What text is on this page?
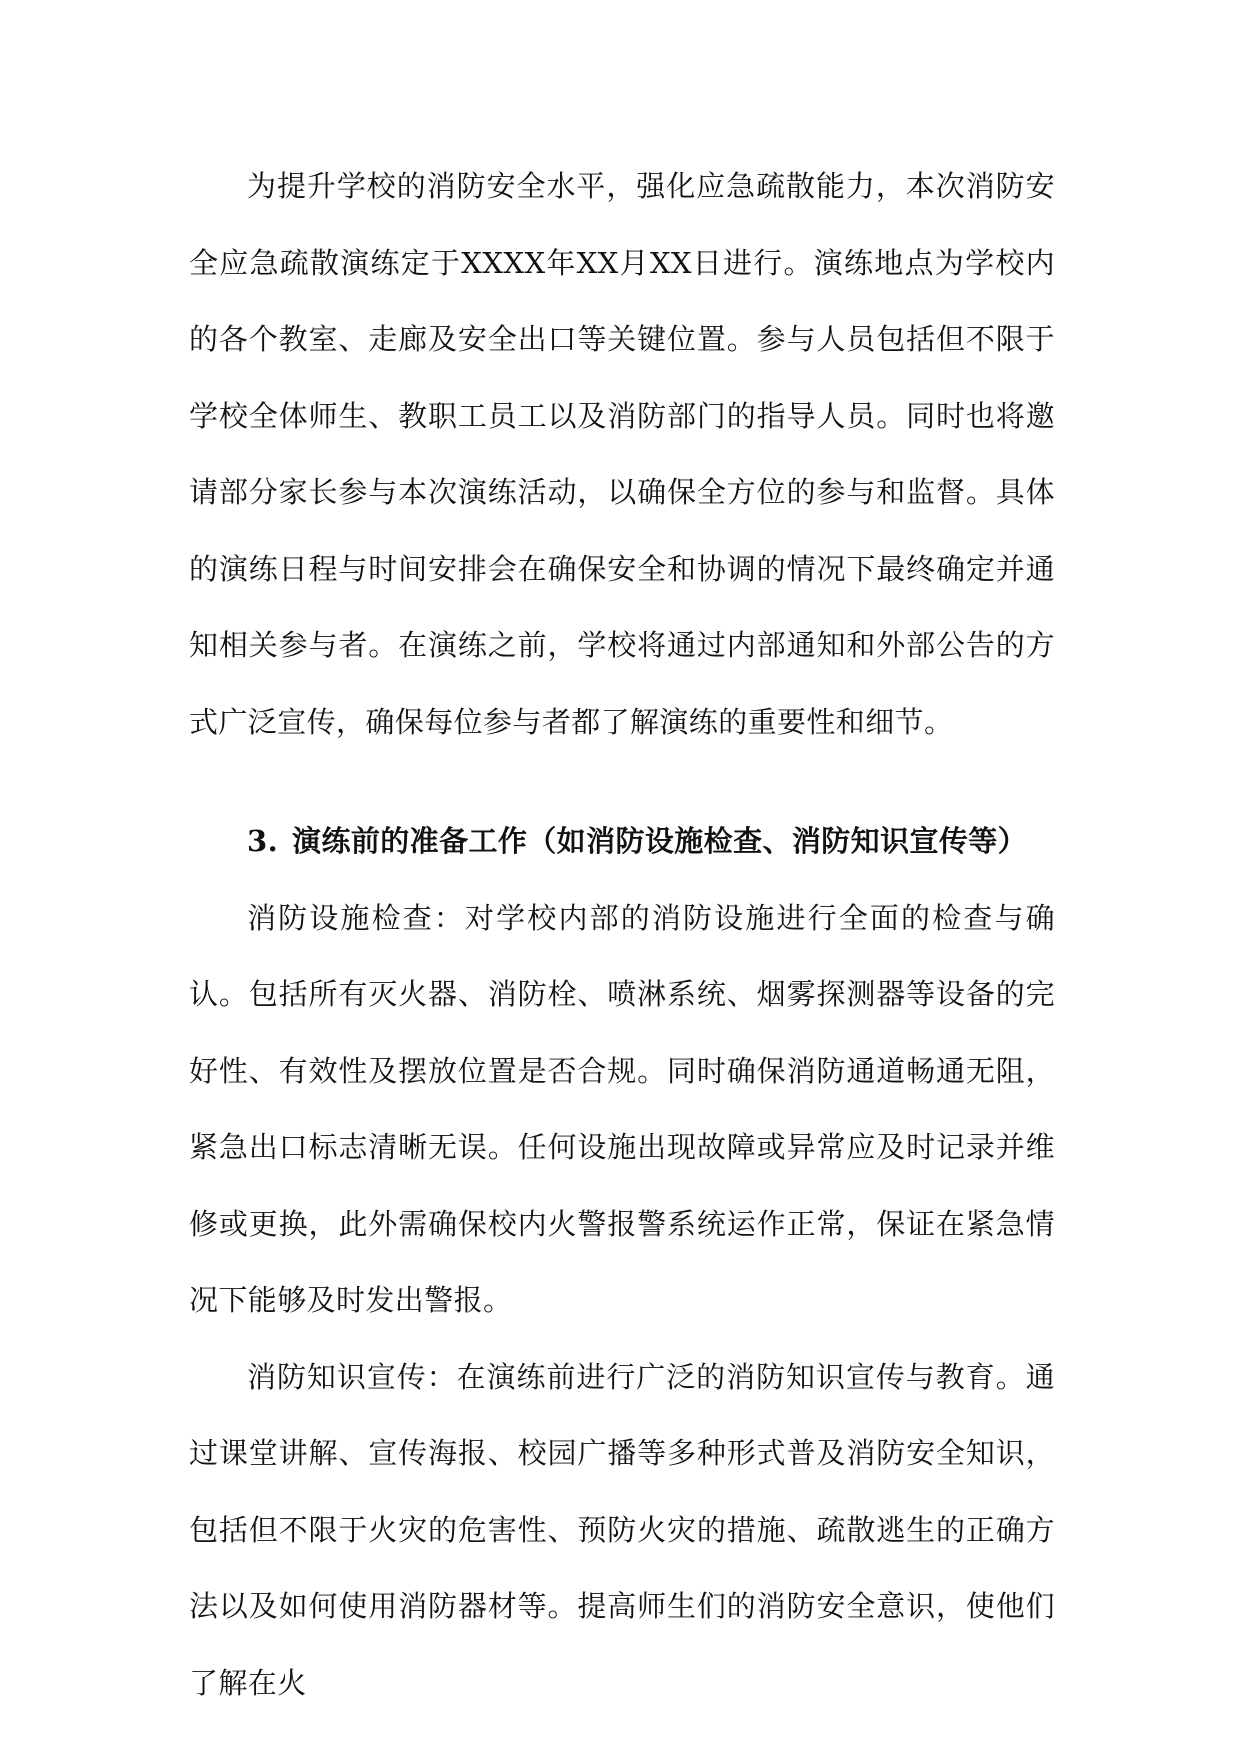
为提升学校的消防安全水平，强化应急疏散能力，本次消防安全应急疏散演练定于XXXX年XX月XX日进行。演练地点为学校内的各个教室、走廊及安全出口等关键位置。参与人员包括但不限于学校全体师生、教职工员工以及消防部门的指导人员。同时也将邀请部分家长参与本次演练活动，以确保全方位的参与和监督。具体的演练日程与时间安排会在确保安全和协调的情况下最终确定并通知相关参与者。在演练之前，学校将通过内部通知和外部公告的方式广泛宣传，确保每位参与者都了解演练的重要性和细节。

3. 演练前的准备工作（如消防设施检查、消防知识宣传等）

消防设施检查：对学校内部的消防设施进行全面的检查与确认。包括所有灭火器、消防栓、喷淋系统、烟雾探测器等设备的完好性、有效性及摆放位置是否合规。同时确保消防通道畅通无阻，紧急出口标志清晰无误。任何设施出现故障或异常应及时记录并维修或更换，此外需确保校内火警报警系统运作正常，保证在紧急情况下能够及时发出警报。

消防知识宣传：在演练前进行广泛的消防知识宣传与教育。通过课堂讲解、宣传海报、校园广播等多种形式普及消防安全知识，包括但不限于火灾的危害性、预防火灾的措施、疏散逃生的正确方法以及如何使用消防器材等。提高师生们的消防安全意识，使他们了解在火
